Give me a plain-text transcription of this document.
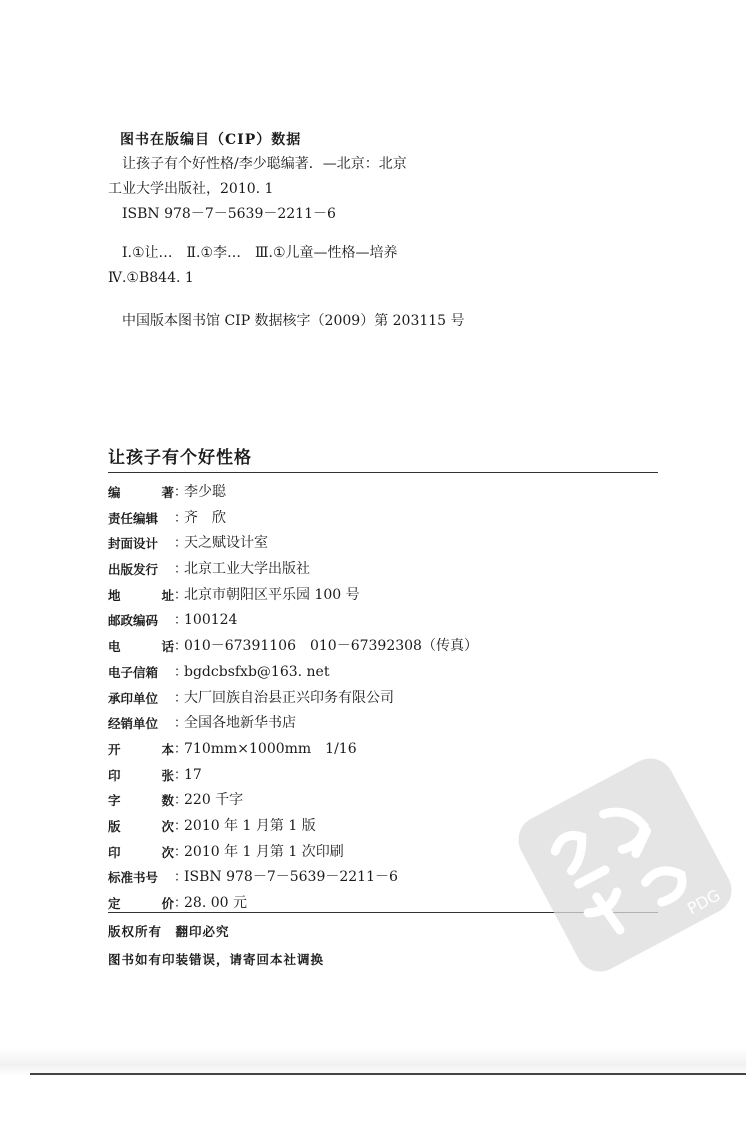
图书在版编目（CIP）数据
让孩子有个好性格/李少聪编著．—北京：北京
工业大学出版社，2010. 1
ISBN 978－7－5639－2211－6
Ⅰ.①让…　Ⅱ.①李…　Ⅲ.①儿童—性格—培养
Ⅳ.①B844. 1
中国版本图书馆 CIP 数据核字（2009）第 203115 号
让孩子有个好性格
编	著 ：
李少聪
责任编辑 ：
齐　欣
封面设计 ：
天之赋设计室
出版发行 ：
北京工业大学出版社
地	址 ：
北京市朝阳区平乐园 100 号
邮政编码 ：
100124
电	话 ：
010－67391106　010－67392308（传真）
电子信箱 ：
bgdcbsfxb@163. net
承印单位 ：
大厂回族自治县正兴印务有限公司
经销单位 ：
全国各地新华书店
开	本 ：
710mm×1000mm　1/16
印	张 ：
17
字	数 ：
220 千字
版	次 ：
2010 年 1 月第 1 版
印	次 ：
2010 年 1 月第 1 次印刷
标准书号 ：
ISBN 978－7－5639－2211－6
定	价 ：
28. 00 元
版权所有　翻印必究
图书如有印装错误，请寄回本社调换
PDG
